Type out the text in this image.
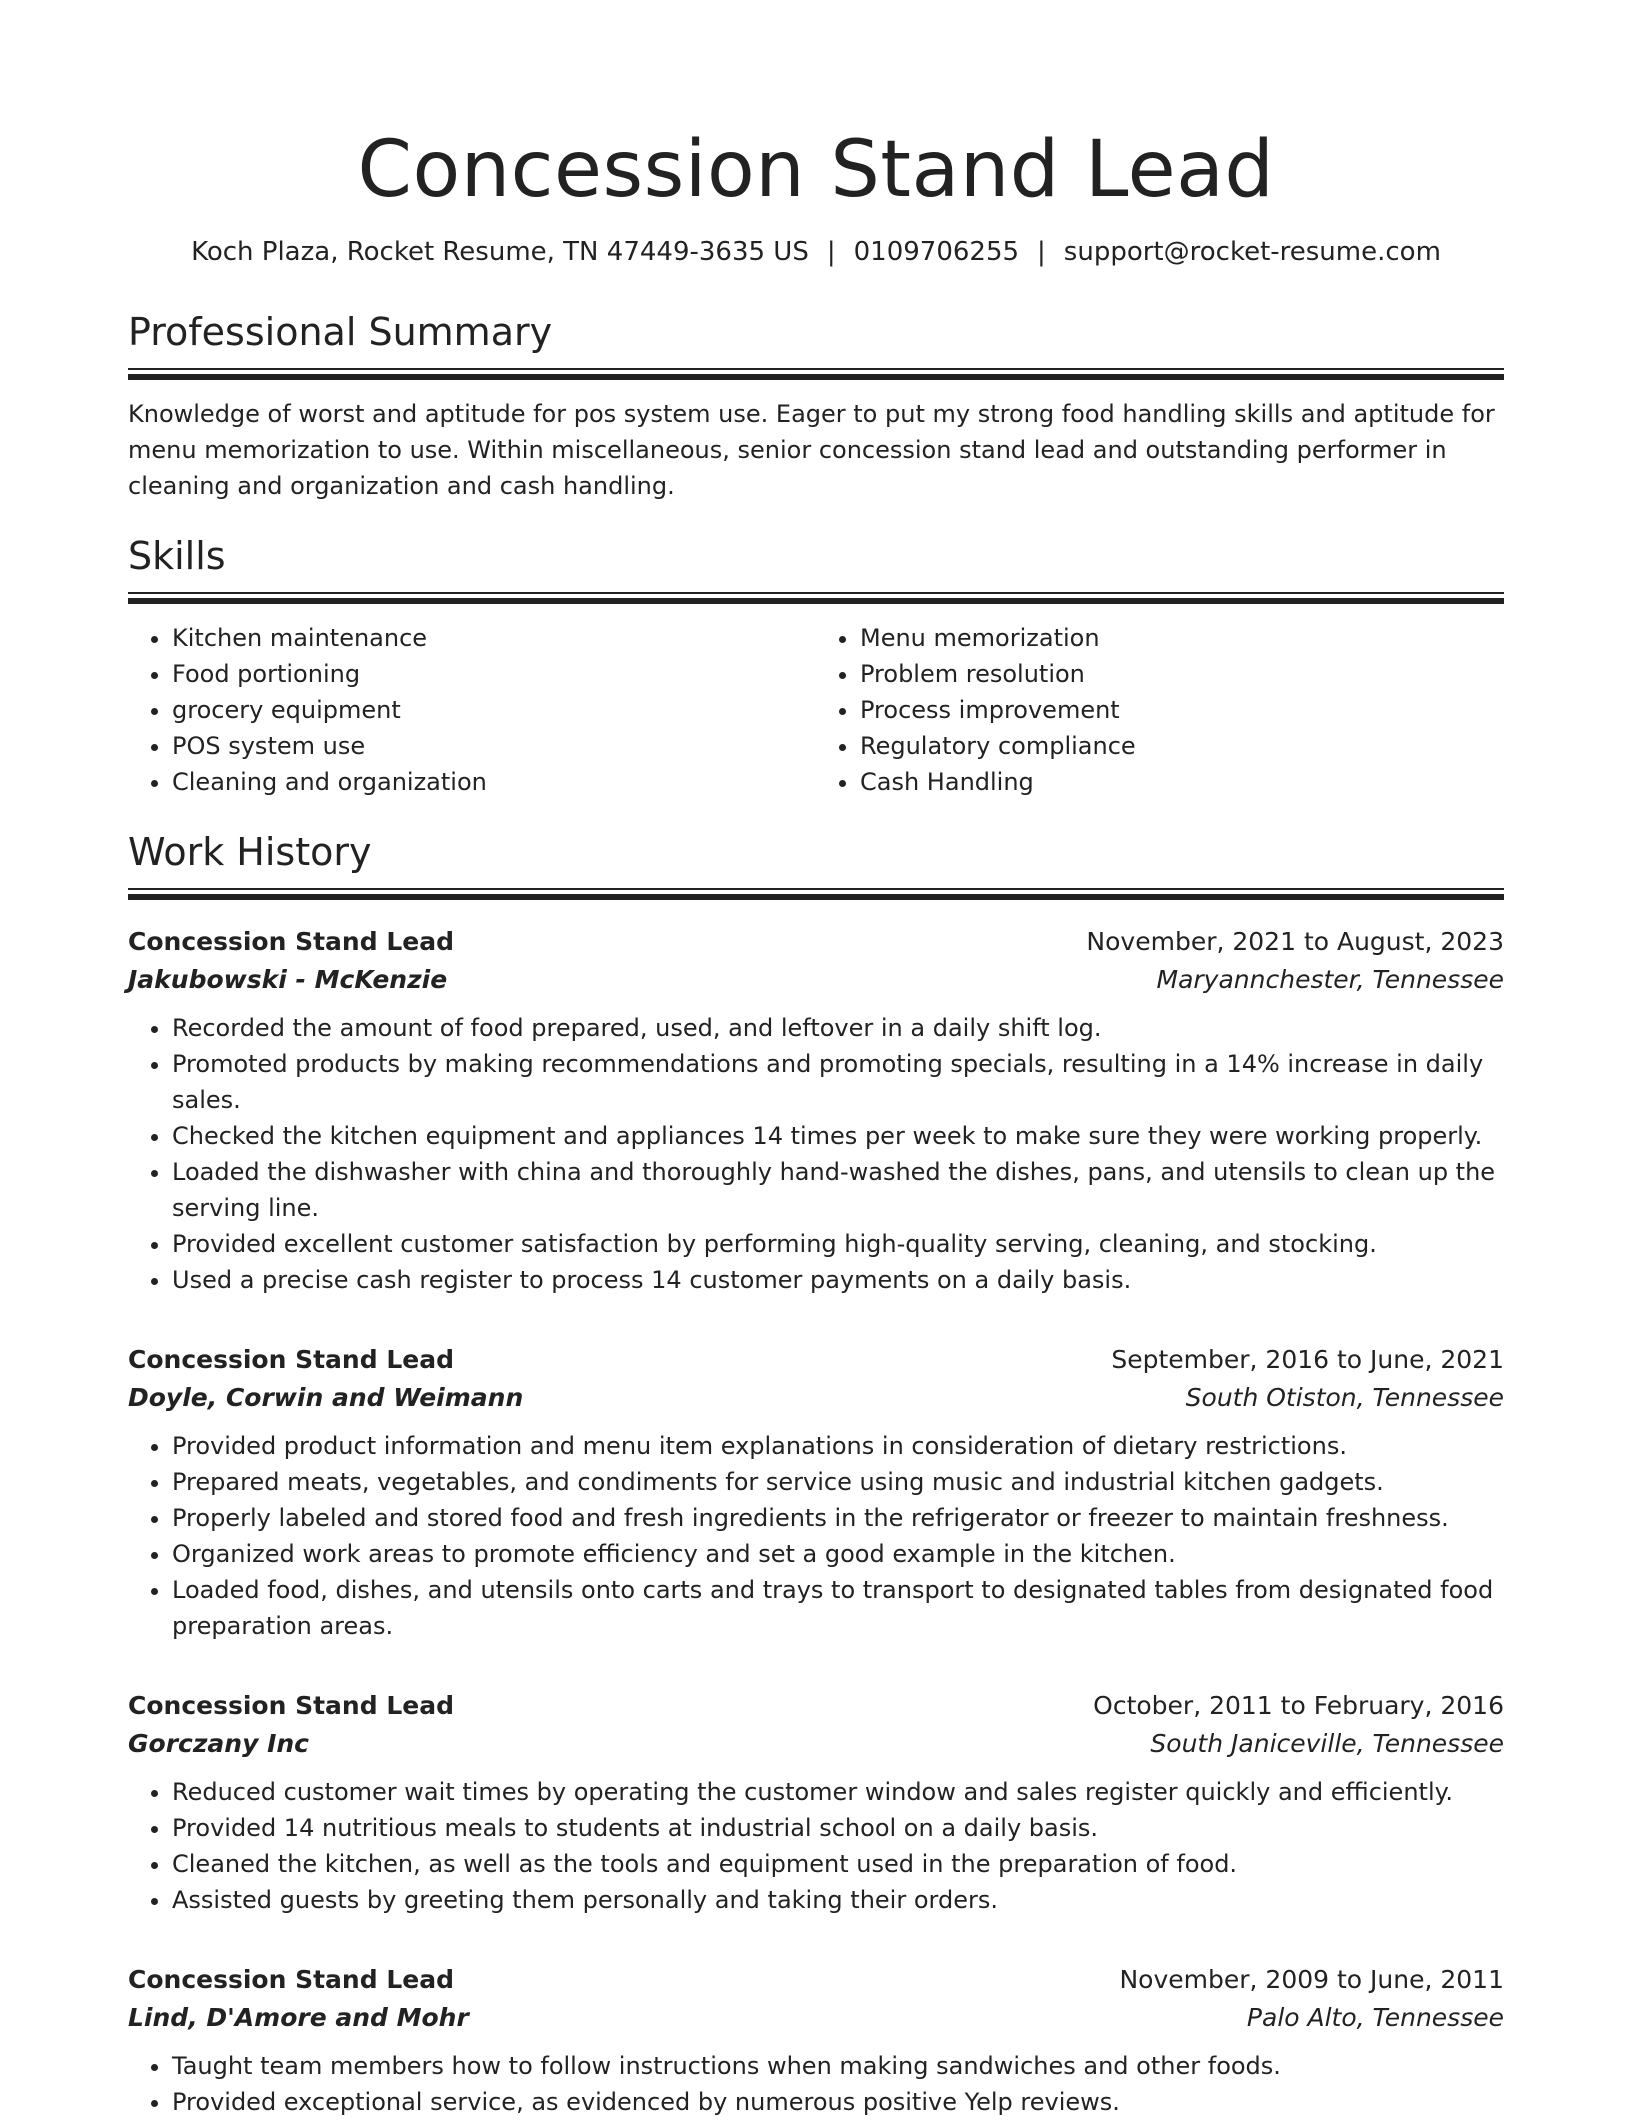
Concession Stand Lead
Koch Plaza, Rocket Resume, TN 47449-3635 US | 0109706255 | support@rocket-resume.com
Professional Summary
Knowledge of worst and aptitude for pos system use. Eager to put my strong food handling skills and aptitude for menu memorization to use. Within miscellaneous, senior concession stand lead and outstanding performer in cleaning and organization and cash handling.
Skills
• Kitchen maintenance
• Food portioning
• grocery equipment
• POS system use
• Cleaning and organization
• Menu memorization
• Problem resolution
• Process improvement
• Regulatory compliance
• Cash Handling
Work History
Concession Stand Lead	November, 2021 to August, 2023
Jakubowski - McKenzie	Maryannchester, Tennessee
• Recorded the amount of food prepared, used, and leftover in a daily shift log.
• Promoted products by making recommendations and promoting specials, resulting in a 14% increase in daily sales.
• Checked the kitchen equipment and appliances 14 times per week to make sure they were working properly.
• Loaded the dishwasher with china and thoroughly hand-washed the dishes, pans, and utensils to clean up the serving line.
• Provided excellent customer satisfaction by performing high-quality serving, cleaning, and stocking.
• Used a precise cash register to process 14 customer payments on a daily basis.
Concession Stand Lead	September, 2016 to June, 2021
Doyle, Corwin and Weimann	South Otiston, Tennessee
• Provided product information and menu item explanations in consideration of dietary restrictions.
• Prepared meats, vegetables, and condiments for service using music and industrial kitchen gadgets.
• Properly labeled and stored food and fresh ingredients in the refrigerator or freezer to maintain freshness.
• Organized work areas to promote efficiency and set a good example in the kitchen.
• Loaded food, dishes, and utensils onto carts and trays to transport to designated tables from designated food preparation areas.
Concession Stand Lead	October, 2011 to February, 2016
Gorczany Inc	South Janiceville, Tennessee
• Reduced customer wait times by operating the customer window and sales register quickly and efficiently.
• Provided 14 nutritious meals to students at industrial school on a daily basis.
• Cleaned the kitchen, as well as the tools and equipment used in the preparation of food.
• Assisted guests by greeting them personally and taking their orders.
Concession Stand Lead	November, 2009 to June, 2011
Lind, D'Amore and Mohr	Palo Alto, Tennessee
• Taught team members how to follow instructions when making sandwiches and other foods.
• Provided exceptional service, as evidenced by numerous positive Yelp reviews.
